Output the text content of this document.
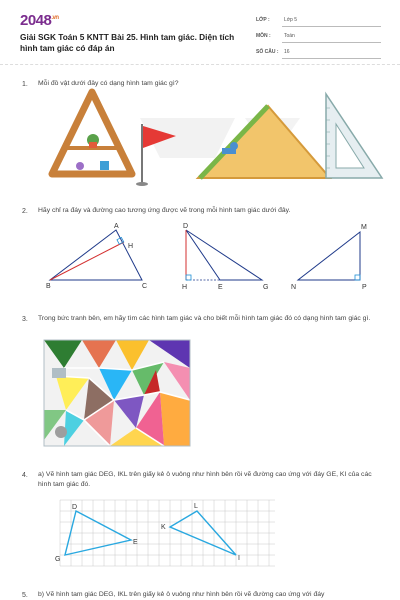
$2048^{.vn}$
Giải SGK Toán 5 KNTT Bài 25. Hình tam giác. Diện tích hình tam giác có đáp án
LỚP :	Lớp 5
MÔN :	Toán
SỐ CÂU : 16
1. Mỗi đồ vật dưới đây có dạng hình tam giác gì?
2. Hãy chỉ ra đáy và đường cao tương ứng được vẽ trong mỗi hình tam giác dưới đây.
A
B	C
H
D
H	E	G
M
N	P
3. Trong bức tranh bên, em hãy tìm các hình tam giác và cho biết mỗi hình tam giác đó có dạng hình tam giác gì.
4. a) Vẽ hình tam giác DEG, IKL trên giấy kẻ ô vuông như hình bên rồi vẽ đường cao ứng với đáy GE, KI của các hình tam giác đó.
D
E
G
L
K
I
5. b) Vẽ hình tam giác DEG, IKL trên giấy kẻ ô vuông như hình bên rồi vẽ đường cao ứng với đáy
